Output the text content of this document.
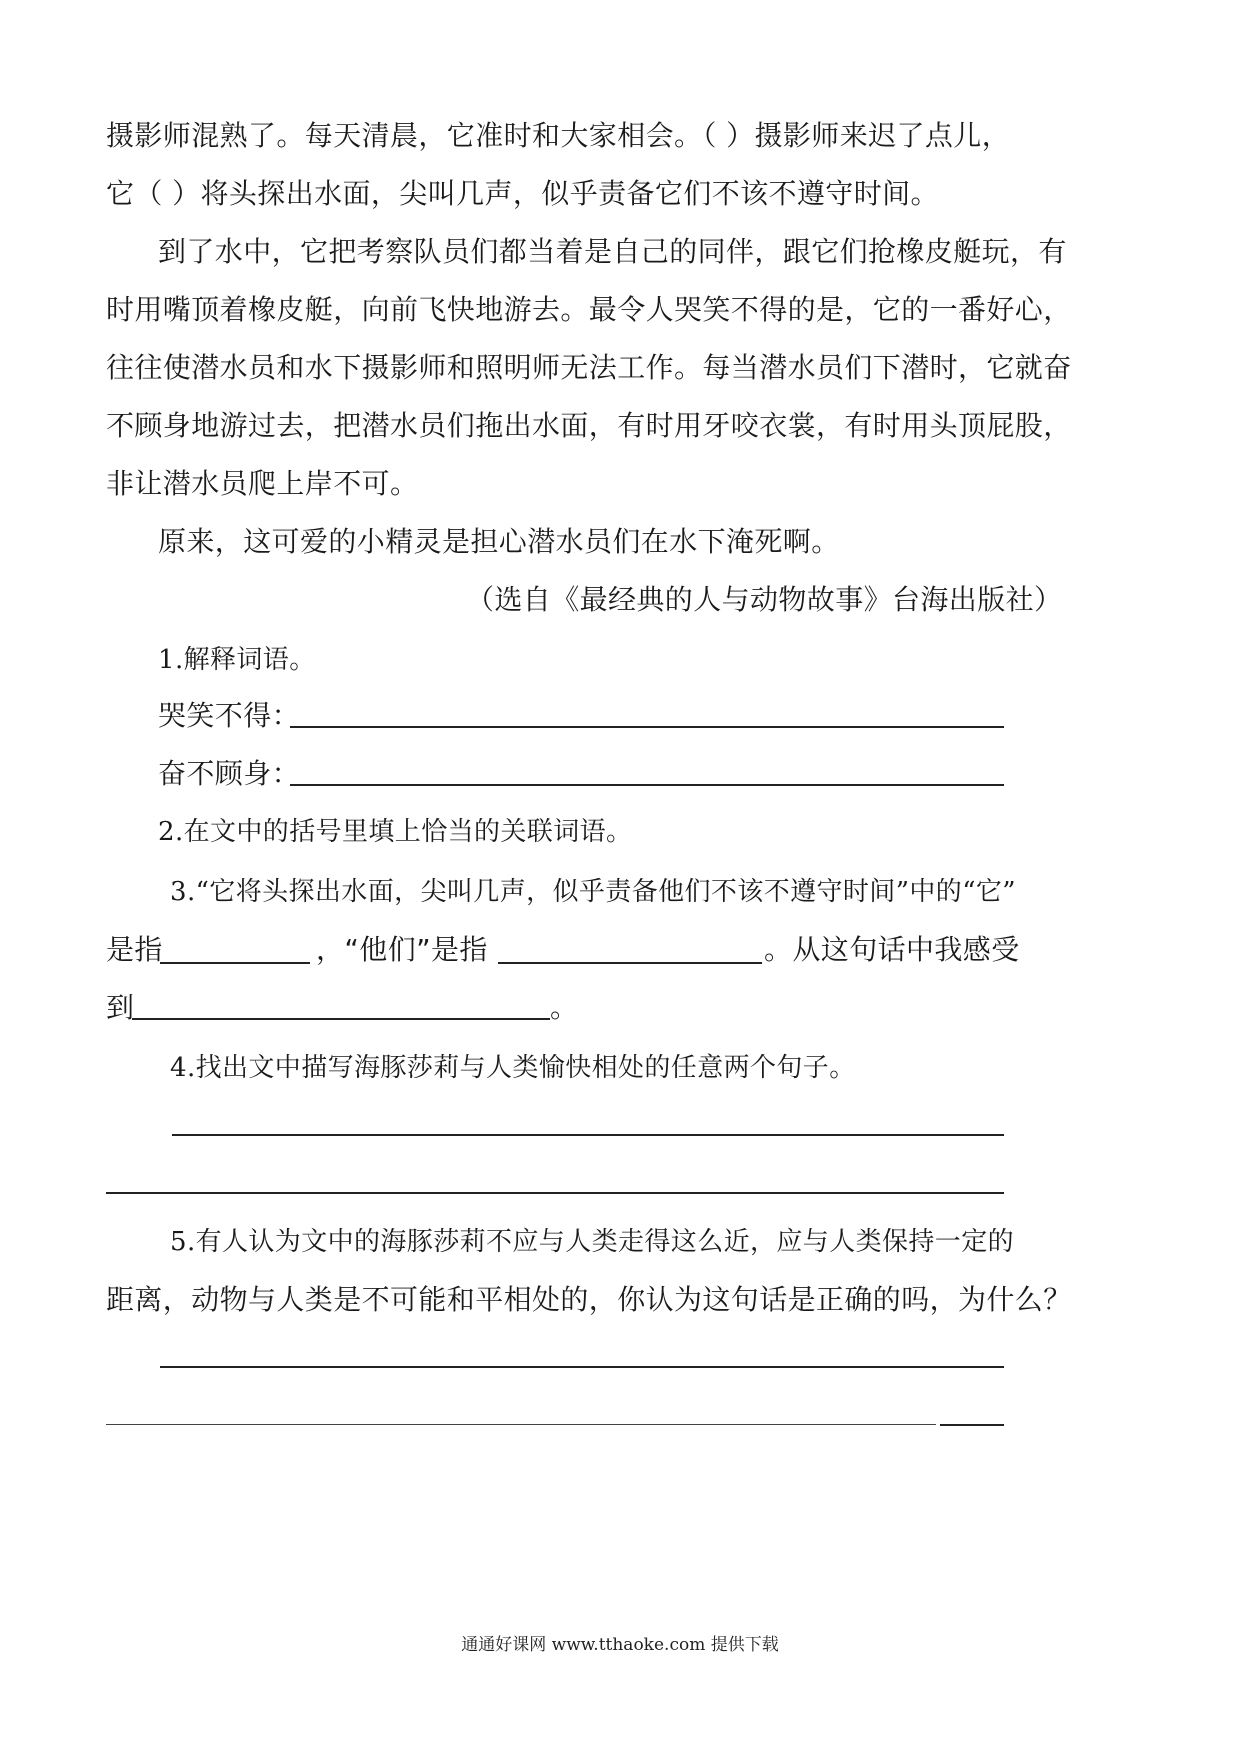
摄影师混熟了。每天清晨，它准时和大家相会。（ ）摄影师来迟了点儿，
它（ ）将头探出水面，尖叫几声，似乎责备它们不该不遵守时间。
到了水中，它把考察队员们都当着是自己的同伴，跟它们抢橡皮艇玩，有
时用嘴顶着橡皮艇，向前飞快地游去。最令人哭笑不得的是，它的一番好心，
往往使潜水员和水下摄影师和照明师无法工作。每当潜水员们下潜时，它就奋
不顾身地游过去，把潜水员们拖出水面，有时用牙咬衣裳，有时用头顶屁股，
非让潜水员爬上岸不可。
原来，这可爱的小精灵是担心潜水员们在水下淹死啊。
（选自《最经典的人与动物故事》台海出版社）
1.解释词语。
哭笑不得：
奋不顾身：
2.在文中的括号里填上恰当的关联词语。
3.“它将头探出水面，尖叫几声，似乎责备他们不该不遵守时间”中的“它”
是指	，“他们”是指	。从这句话中我感受
到	。
4.找出文中描写海豚莎莉与人类愉快相处的任意两个句子。
5.有人认为文中的海豚莎莉不应与人类走得这么近，应与人类保持一定的
距离，动物与人类是不可能和平相处的，你认为这句话是正确的吗，为什么？
通通好课网 www.tthaoke.com 提供下载
